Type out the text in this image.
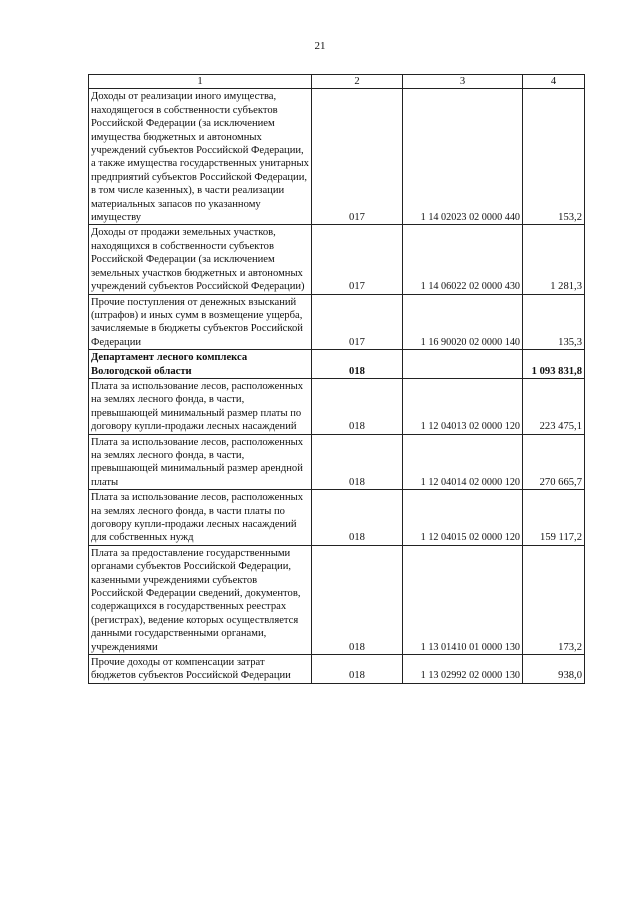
21
1	2	3	4
Доходы от реализации иного имущества, находящегося в собственности субъектов Российской Федерации (за исключением имущества бюджетных и автономных учреждений субъектов Российской Федерации, а также имущества государственных унитарных предприятий субъектов Российской Федерации, в том числе казенных), в части реализации материальных запасов по указанному имуществу	017	1 14 02023 02 0000 440	153,2
Доходы от продажи земельных участков, находящихся в собственности субъектов Российской Федерации (за исключением земельных участков бюджетных и автономных учреждений субъектов Российской Федерации)	017	1 14 06022 02 0000 430	1 281,3
Прочие поступления от денежных взысканий (штрафов) и иных сумм в возмещение ущерба, зачисляемые в бюджеты субъектов Российской Федерации	017	1 16 90020 02 0000 140	135,3
Департамент лесного комплекса Вологодской области	018		1 093 831,8
Плата за использование лесов, расположенных на землях лесного фонда, в части, превышающей минимальный размер платы по договору купли-продажи лесных насаждений	018	1 12 04013 02 0000 120	223 475,1
Плата за использование лесов, расположенных на землях лесного фонда, в части, превышающей минимальный размер арендной платы	018	1 12 04014 02 0000 120	270 665,7
Плата за использование лесов, расположенных на землях лесного фонда, в части платы по договору купли-продажи лесных насаждений для собственных нужд	018	1 12 04015 02 0000 120	159 117,2
Плата за предоставление государственными органами субъектов Российской Федерации, казенными учреждениями субъектов Российской Федерации сведений, документов, содержащихся в государственных реестрах (регистрах), ведение которых осуществляется данными государственными органами, учреждениями	018	1 13 01410 01 0000 130	173,2
Прочие доходы от компенсации затрат бюджетов субъектов Российской Федерации	018	1 13 02992 02 0000 130	938,0
